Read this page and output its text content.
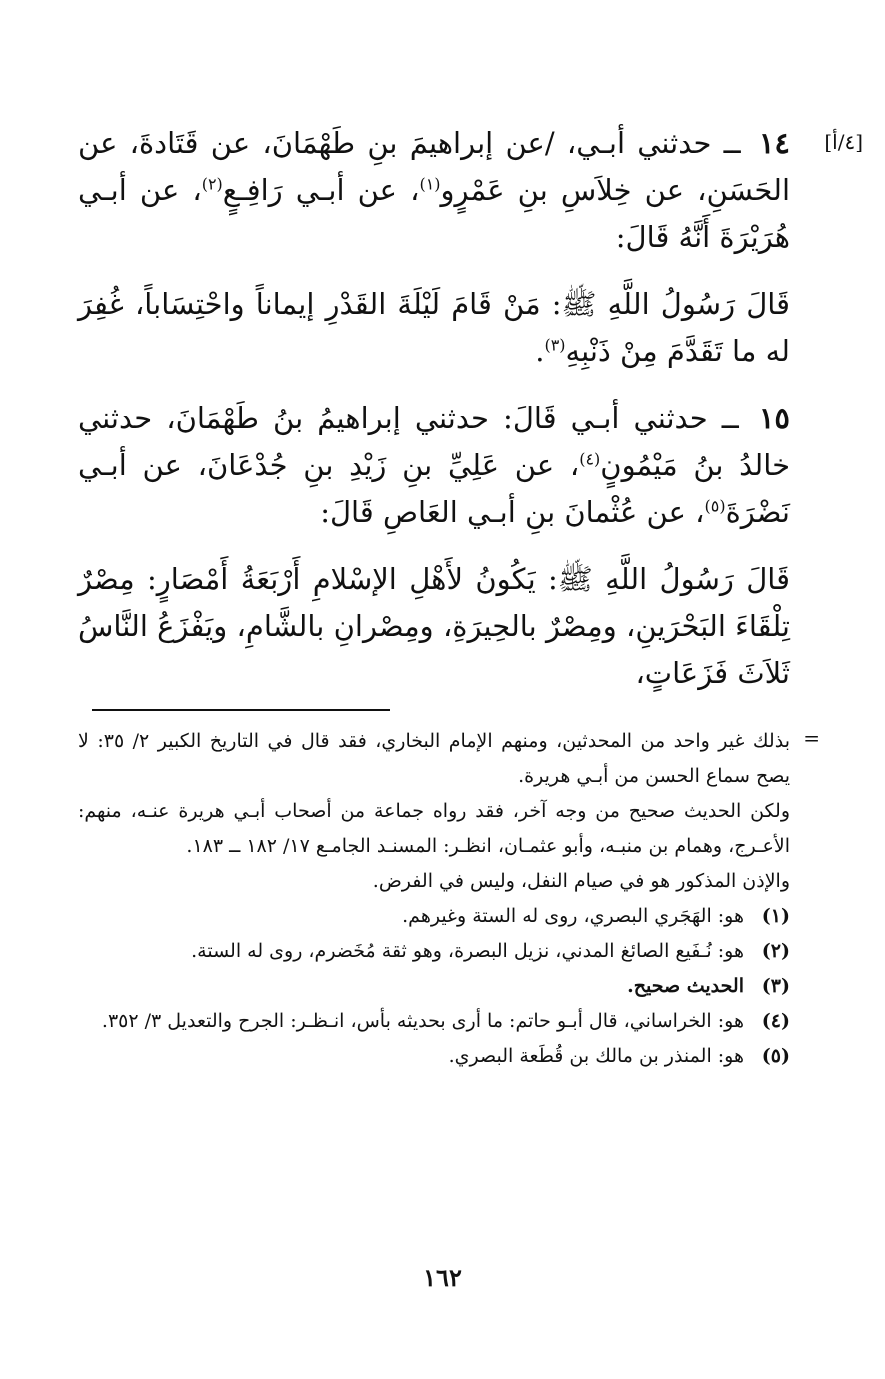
[٤/أ]

١٤ ــ حدثني أبـي، /عن إبراهيمَ بنِ طَهْمَانَ، عن قَتَادةَ، عن الحَسَنِ، عن خِلاَسِ بنِ عَمْرٍو$^{(١)}$، عن أبـي رَافِـعٍ$^{(٢)}$، عن أبـي هُرَيْرَةَ أَنَّهُ قَالَ:

قَالَ رَسُولُ اللَّهِ ﷺ: مَنْ قَامَ لَيْلَةَ القَدْرِ إيماناً واحْتِسَاباً، غُفِرَ له ما تَقَدَّمَ مِنْ ذَنْبِهِ$^{(٣)}$.

١٥ ــ حدثني أبـي قَالَ: حدثني إبراهيمُ بنُ طَهْمَانَ، حدثني خالدُ بنُ مَيْمُونٍ$^{(٤)}$، عن عَلِيِّ بنِ زَيْدِ بنِ جُدْعَانَ، عن أبـي نَضْرَةَ$^{(٥)}$، عن عُثْمانَ بنِ أبـي العَاصِ قَالَ:

قَالَ رَسُولُ اللَّهِ ﷺ: يَكُونُ لأَهْلِ الإسْلامِ أَرْبَعَةُ أَمْصَارٍ: مِصْرٌ تِلْقَاءَ البَحْرَينِ، ومِصْرٌ بالحِيرَةِ، ومِصْرانِ بالشَّامِ، ويَفْزَعُ النَّاسُ ثَلاَثَ فَزَعَاتٍ،

=

بذلك غير واحد من المحدثين، ومنهم الإمام البخاري، فقد قال في التاريخ الكبير ٢/ ٣٥: لا يصح سماع الحسن من أبـي هريرة.

ولكن الحديث صحيح من وجه آخر، فقد رواه جماعة من أصحاب أبـي هريرة عنـه، منهم: الأعـرج، وهمام بن منبـه، وأبو عثمـان، انظـر: المسنـد الجامـع ١٧/ ١٨٢ ــ ١٨٣.

والإذن المذكور هو في صيام النفل، وليس في الفرض.

(١)
هو: الهَجَري البصري، روى له الستة وغيرهم.
(٢)
هو: نُـفَيع الصائغ المدني، نزيل البصرة، وهو ثقة مُخَضرم، روى له الستة.
(٣)
الحديث صحيح.
(٤)
هو: الخراساني، قال أبـو حاتم: ما أرى بحديثه بأس، انـظـر: الجرح والتعديل ٣/ ٣٥٢.
(٥)
هو: المنذر بن مالك بن قُطَعة البصري.
١٦٢
